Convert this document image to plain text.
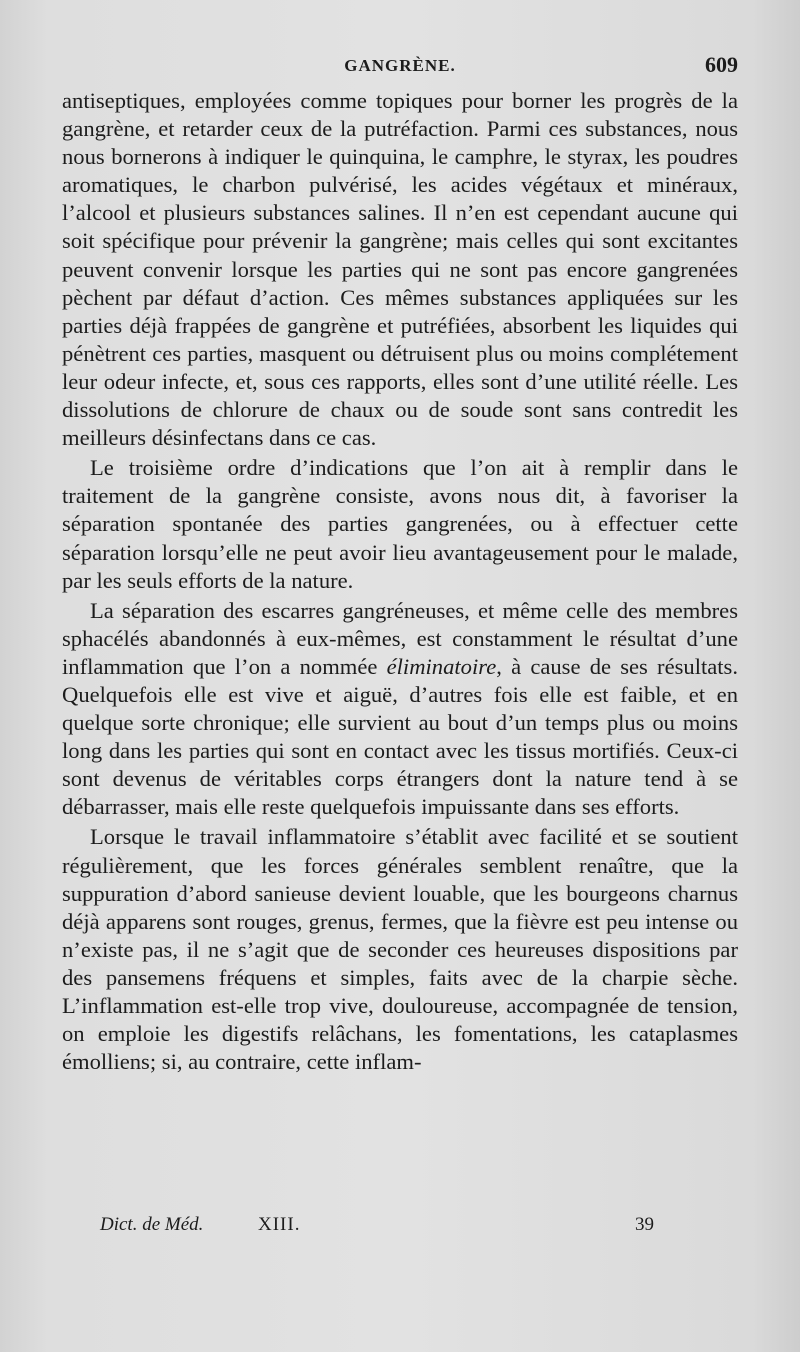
GANGRÈNE.	609

antiseptiques, employées comme topiques pour borner les progrès de la gangrène, et retarder ceux de la putréfaction. Parmi ces substances, nous nous bornerons à indiquer le quinquina, le camphre, le styrax, les poudres aromatiques, le charbon pulvérisé, les acides végétaux et minéraux, l’alcool et plusieurs substances salines. Il n’en est cependant aucune qui soit spécifique pour prévenir la gangrène; mais celles qui sont excitantes peuvent convenir lorsque les parties qui ne sont pas encore gangrenées pèchent par défaut d’action. Ces mêmes substances appliquées sur les parties déjà frappées de gangrène et putréfiées, absorbent les liquides qui pénètrent ces parties, masquent ou détruisent plus ou moins complétement leur odeur infecte, et, sous ces rapports, elles sont d’une utilité réelle. Les dissolutions de chlorure de chaux ou de soude sont sans contredit les meilleurs désinfectans dans ce cas.

Le troisième ordre d’indications que l’on ait à remplir dans le traitement de la gangrène consiste, avons nous dit, à favoriser la séparation spontanée des parties gangrenées, ou à effectuer cette séparation lorsqu’elle ne peut avoir lieu avantageusement pour le malade, par les seuls efforts de la nature.

La séparation des escarres gangréneuses, et même celle des membres sphacélés abandonnés à eux-mêmes, est constamment le résultat d’une inflammation que l’on a nommée éliminatoire, à cause de ses résultats. Quelquefois elle est vive et aiguë, d’autres fois elle est faible, et en quelque sorte chronique; elle survient au bout d’un temps plus ou moins long dans les parties qui sont en contact avec les tissus mortifiés. Ceux-ci sont devenus de véritables corps étrangers dont la nature tend à se débarrasser, mais elle reste quelquefois impuissante dans ses efforts.

Lorsque le travail inflammatoire s’établit avec facilité et se soutient régulièrement, que les forces générales semblent renaître, que la suppuration d’abord sanieuse devient louable, que les bourgeons charnus déjà apparens sont rouges, grenus, fermes, que la fièvre est peu intense ou n’existe pas, il ne s’agit que de seconder ces heureuses dispositions par des pansemens fréquens et simples, faits avec de la charpie sèche. L’inflammation est-elle trop vive, douloureuse, accompagnée de tension, on emploie les digestifs relâchans, les fomentations, les cataplasmes émolliens; si, au contraire, cette inflam-

Dict. de Méd.	XIII.	39
